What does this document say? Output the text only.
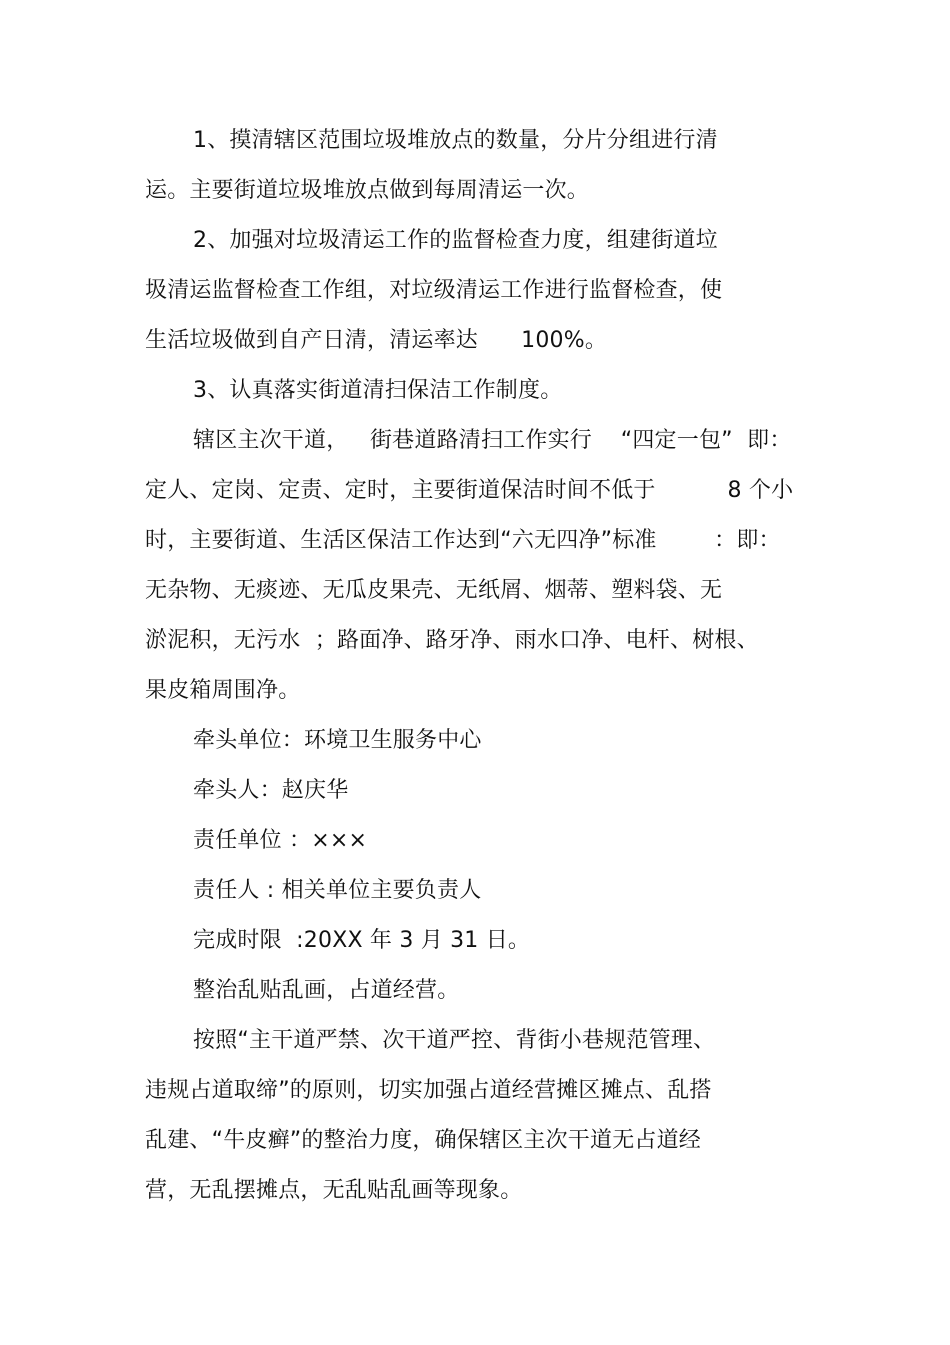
1、摸清辖区范围垃圾堆放点的数量，分片分组进行清
运。主要街道垃圾堆放点做到每周清运一次。
2、加强对垃圾清运工作的监督检查力度，组建街道垃
圾清运监督检查工作组，对垃级清运工作进行监督检查，使
生活垃圾做到自产日清，清运率达      100%。
3、认真落实街道清扫保洁工作制度。
辖区主次干道，   街巷道路清扫工作实行    “四定一包”  即：
定人、定岗、定责、定时，主要街道保洁时间不低于          8 个小
时，主要街道、生活区保洁工作达到“六无四净”标准        ：即：
无杂物、无痰迹、无瓜皮果壳、无纸屑、烟蒂、塑料袋、无
淤泥积，无污水  ；路面净、路牙净、雨水口净、电杆、树根、
果皮箱周围净。
牵头单位：环境卫生服务中心
牵头人：赵庆华
责任单位 ：×××
责任人 : 相关单位主要负责人
完成时限  :20XX 年 3 月 31 日。
整治乱贴乱画，占道经营。
按照“主干道严禁、次干道严控、背街小巷规范管理、
违规占道取缔”的原则，切实加强占道经营摊区摊点、乱搭
乱建、“牛皮癣”的整治力度，确保辖区主次干道无占道经
营，无乱摆摊点，无乱贴乱画等现象。
